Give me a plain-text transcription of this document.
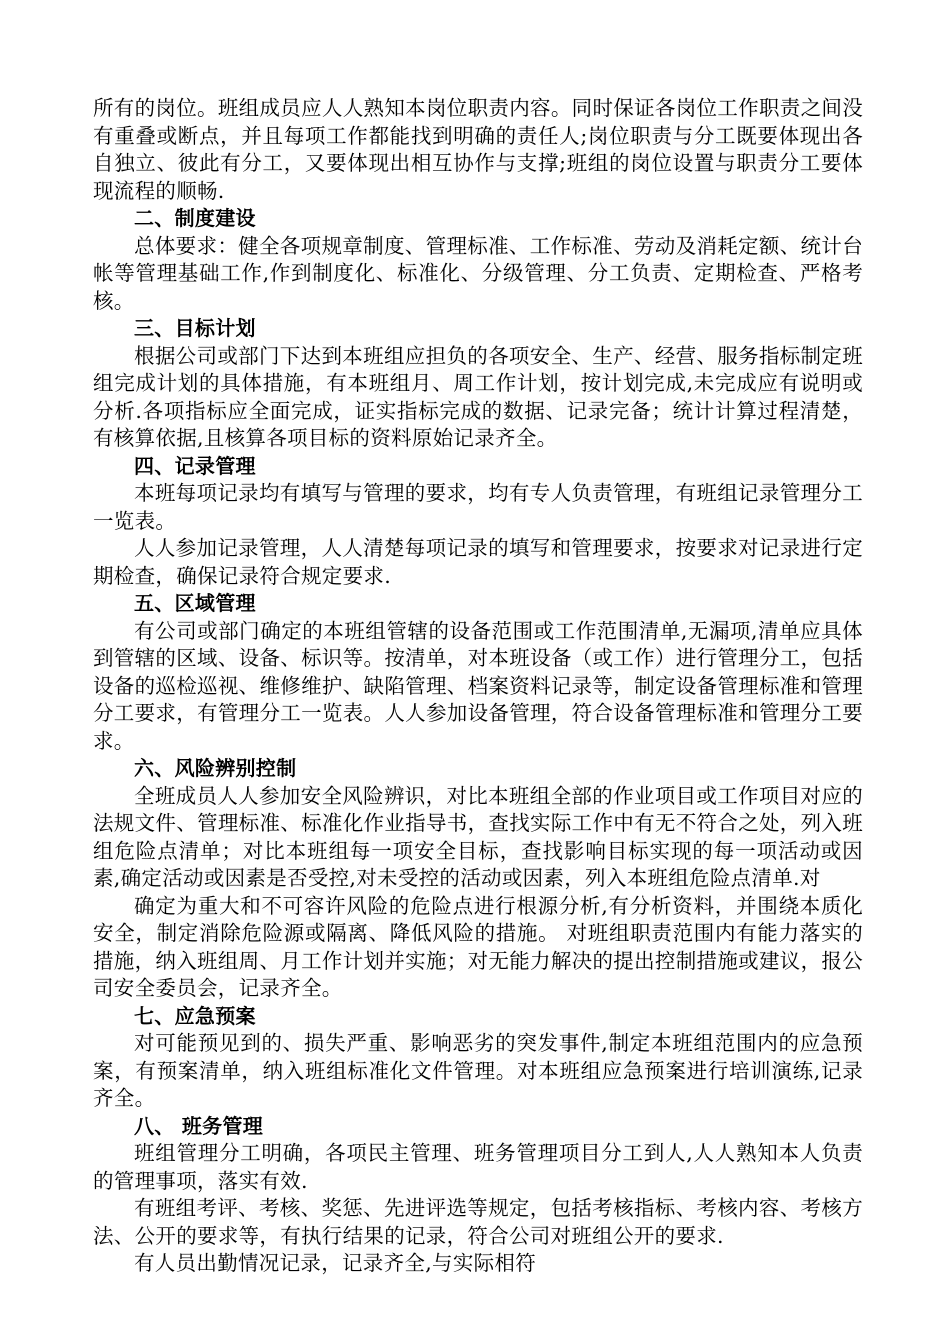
所有的岗位。班组成员应人人熟知本岗位职责内容。同时保证各岗位工作职责之间没有重叠或断点，并且每项工作都能找到明确的责任人;岗位职责与分工既要体现出各自独立、彼此有分工，又要体现出相互协作与支撑;班组的岗位设置与职责分工要体现流程的顺畅.

二、制度建设

总体要求：健全各项规章制度、管理标准、工作标准、劳动及消耗定额、统计台帐等管理基础工作,作到制度化、标准化、分级管理、分工负责、定期检查、严格考核。

三、目标计划

根据公司或部门下达到本班组应担负的各项安全、生产、经营、服务指标制定班组完成计划的具体措施，有本班组月、周工作计划，按计划完成,未完成应有说明或分析.各项指标应全面完成，证实指标完成的数据、记录完备；统计计算过程清楚，有核算依据,且核算各项目标的资料原始记录齐全。

四、记录管理

本班每项记录均有填写与管理的要求，均有专人负责管理，有班组记录管理分工一览表。

人人参加记录管理，人人清楚每项记录的填写和管理要求，按要求对记录进行定期检查，确保记录符合规定要求.

五、区域管理

有公司或部门确定的本班组管辖的设备范围或工作范围清单,无漏项,清单应具体到管辖的区域、设备、标识等。按清单，对本班设备（或工作）进行管理分工，包括设备的巡检巡视、维修维护、缺陷管理、档案资料记录等，制定设备管理标准和管理分工要求，有管理分工一览表。人人参加设备管理，符合设备管理标准和管理分工要求。

六、风险辨别控制

全班成员人人参加安全风险辨识，对比本班组全部的作业项目或工作项目对应的法规文件、管理标准、标准化作业指导书，查找实际工作中有无不符合之处，列入班组危险点清单；对比本班组每一项安全目标，查找影响目标实现的每一项活动或因素,确定活动或因素是否受控,对未受控的活动或因素，列入本班组危险点清单.对

确定为重大和不可容许风险的危险点进行根源分析,有分析资料，并围绕本质化安全，制定消除危险源或隔离、降低风险的措施。 对班组职责范围内有能力落实的措施，纳入班组周、月工作计划并实施；对无能力解决的提出控制措施或建议，报公司安全委员会，记录齐全。

七、应急预案

对可能预见到的、损失严重、影响恶劣的突发事件,制定本班组范围内的应急预案，有预案清单，纳入班组标准化文件管理。对本班组应急预案进行培训演练,记录齐全。

八、 班务管理

班组管理分工明确，各项民主管理、班务管理项目分工到人,人人熟知本人负责的管理事项，落实有效.

有班组考评、考核、奖惩、先进评选等规定，包括考核指标、考核内容、考核方法、公开的要求等，有执行结果的记录，符合公司对班组公开的要求.

有人员出勤情况记录，记录齐全,与实际相符
